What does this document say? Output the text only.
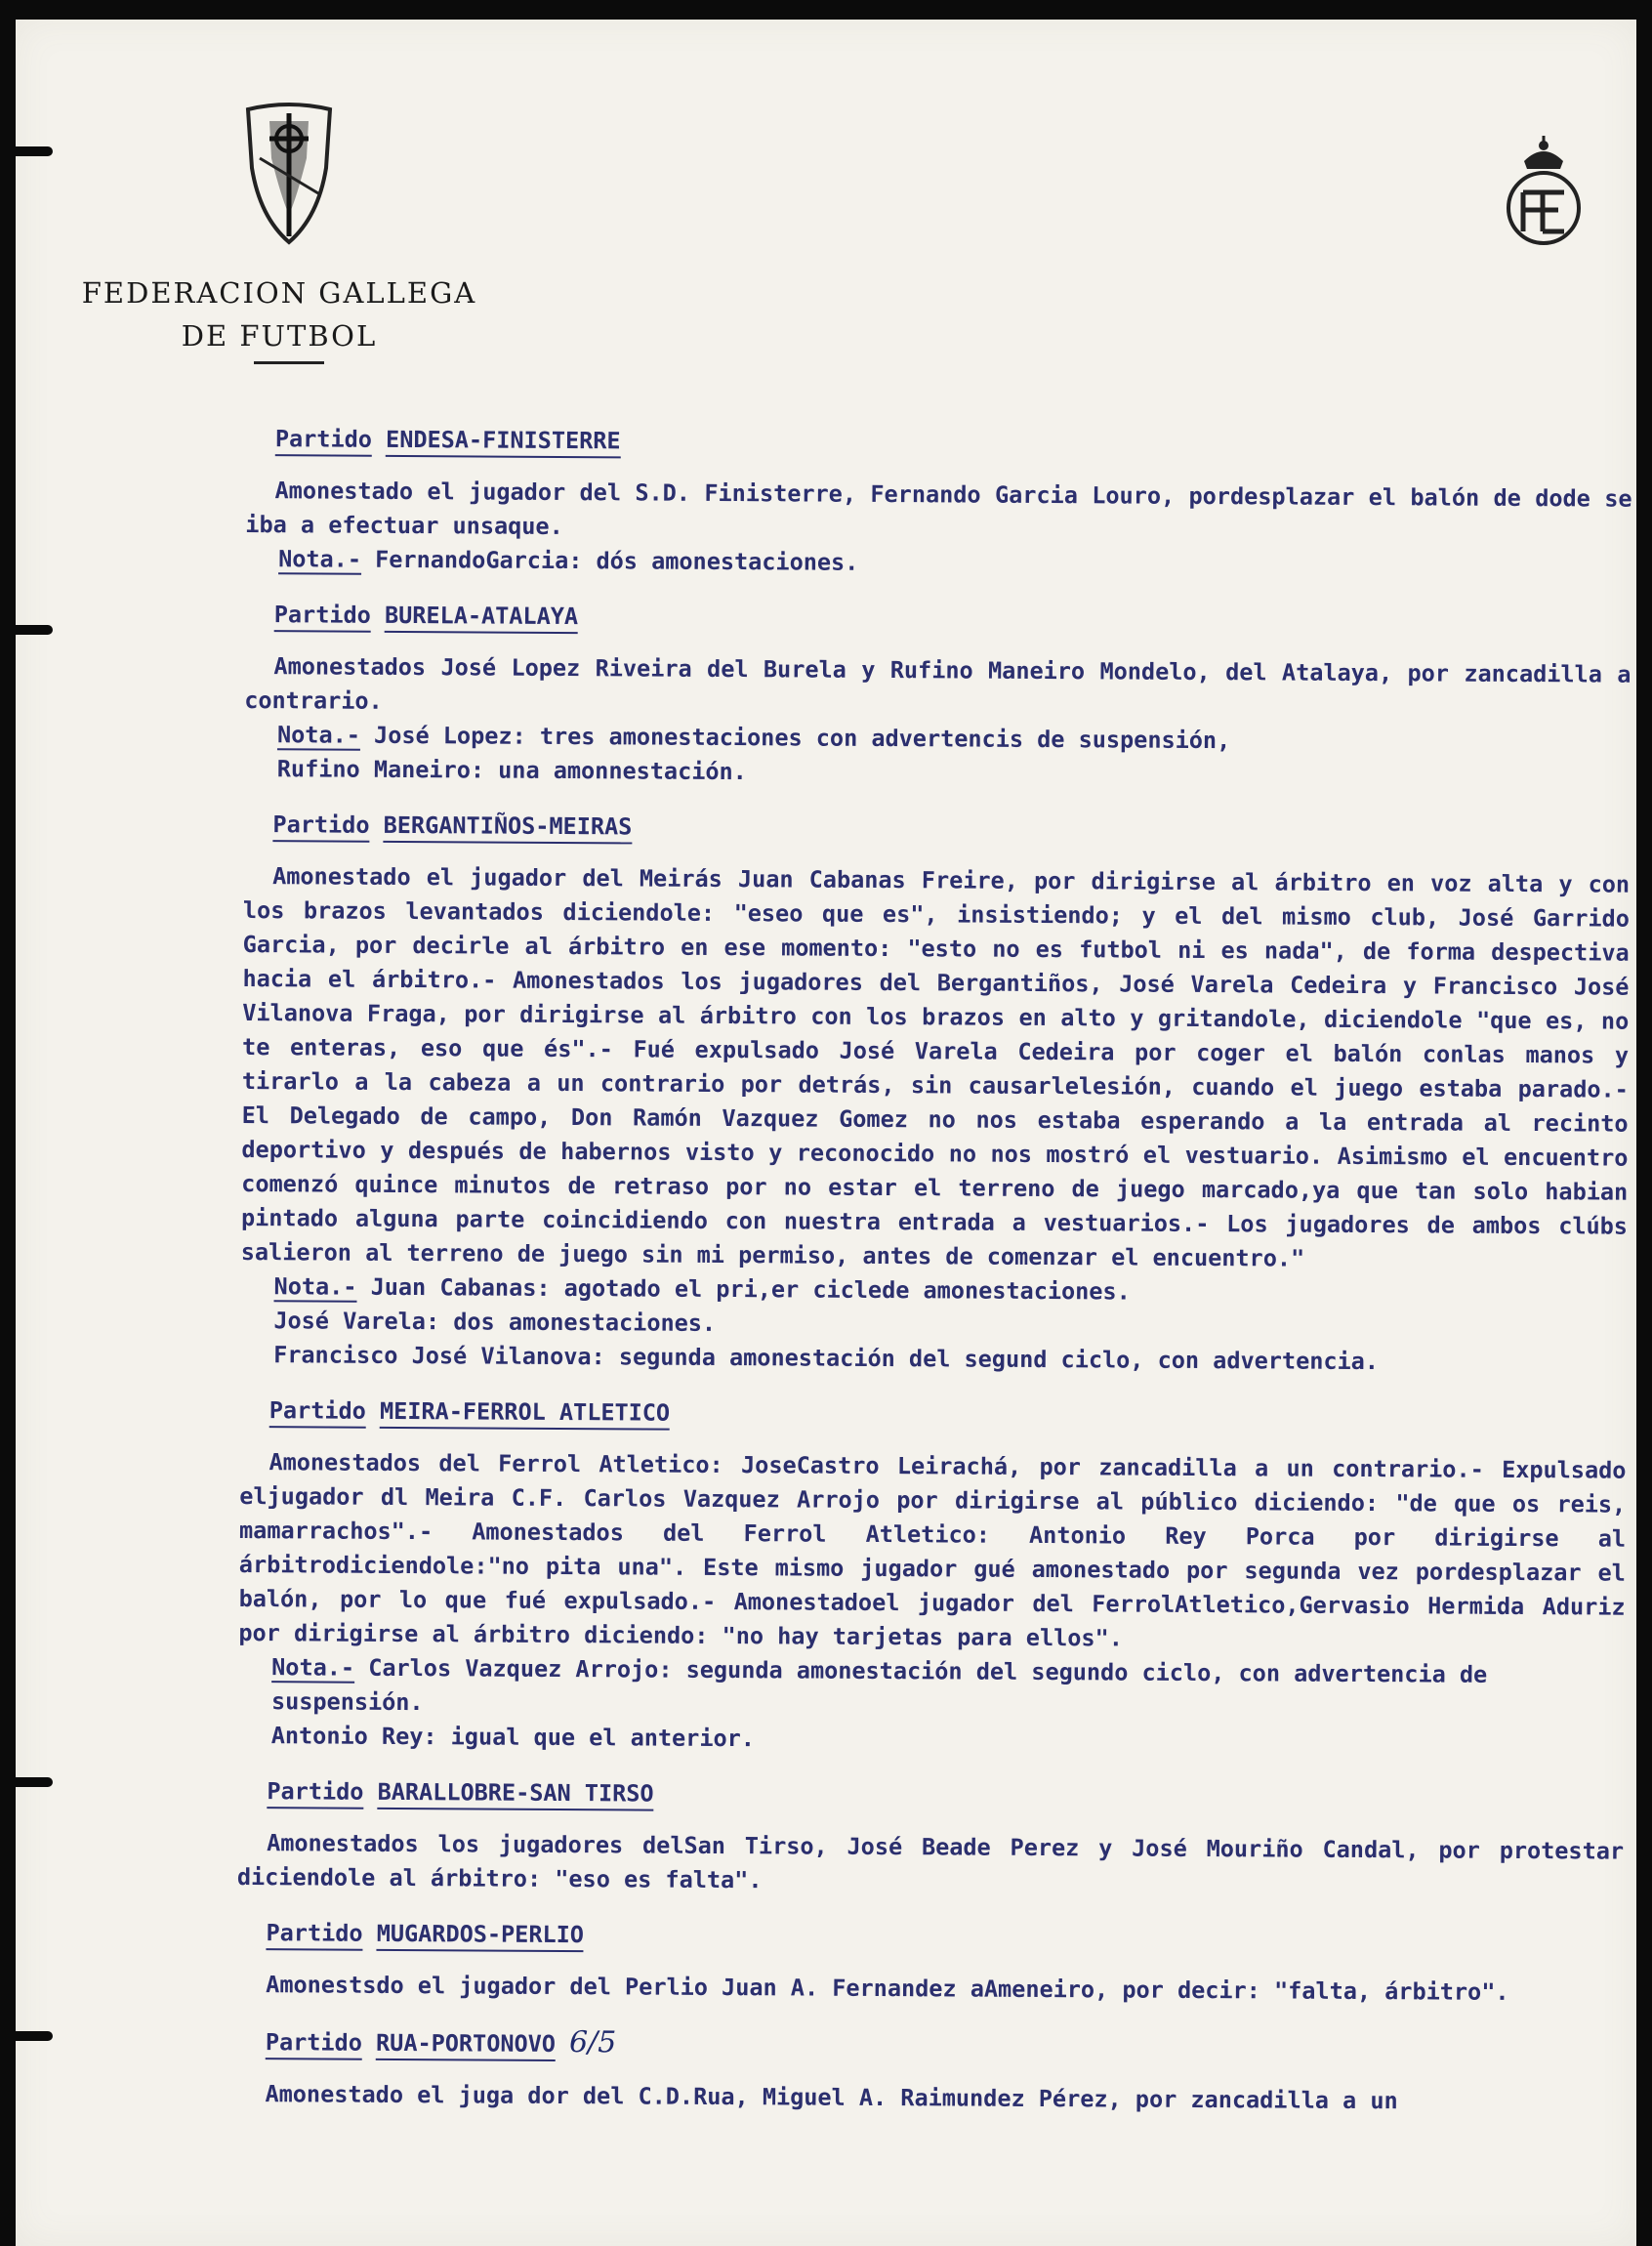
FEDERACION GALLEGA
DE FUTBOL
Partido ENDESA-FINISTERRE
Amonestado el jugador del S.D. Finisterre, Fernando Garcia Louro, pordesplazar el balón de dode se iba a efectuar unsaque.
Nota.- FernandoGarcia: dós amonestaciones.
Partido BURELA-ATALAYA
Amonestados José Lopez Riveira del Burela y Rufino Maneiro Mondelo, del Atalaya, por zancadilla a contrario.
Nota.- José Lopez: tres amonestaciones con advertencis de suspensión,
Rufino Maneiro: una amonnestación.
Partido BERGANTIÑOS-MEIRAS
Amonestado el jugador del Meirás Juan Cabanas Freire, por dirigirse al árbitro en voz alta y con los brazos levantados diciendole: "eseo que es", insistiendo; y el del mismo club, José Garrido Garcia, por decirle al árbitro en ese momento: "esto no es futbol ni es nada", de forma despectiva hacia el árbitro.- Amonestados los jugadores del Bergantiños, José Varela Cedeira y Francisco José Vilanova Fraga, por dirigirse al árbitro con los brazos en alto y gritandole, diciendole "que es, no te enteras, eso que és".- Fué expulsado José Varela Cedeira por coger el balón conlas manos y tirarlo a la cabeza a un contrario por detrás, sin causarlelesión, cuando el juego estaba parado.- El Delegado de campo, Don Ramón Vazquez Gomez no nos estaba esperando a la entrada al recinto deportivo y después de habernos visto y reconocido no nos mostró el vestuario. Asimismo el encuentro comenzó quince minutos de retraso por no estar el terreno de juego marcado,ya que tan solo habian pintado alguna parte coincidiendo con nuestra entrada a vestuarios.- Los jugadores de ambos clúbs salieron al terreno de juego sin mi permiso, antes de comenzar el encuentro."
Nota.- Juan Cabanas: agotado el pri,er ciclede amonestaciones.
José Varela: dos amonestaciones.
Francisco José Vilanova: segunda amonestación del segund ciclo, con advertencia.
Partido MEIRA-FERROL ATLETICO
Amonestados del Ferrol Atletico: JoseCastro Leirachá, por zancadilla a un contrario.- Expulsado eljugador dl Meira C.F. Carlos Vazquez Arrojo por dirigirse al público diciendo: "de que os reis, mamarrachos".- Amonestados del Ferrol Atletico: Antonio Rey Porca por dirigirse al árbitrodiciendole:"no pita una". Este mismo jugador gué amonestado por segunda vez pordesplazar el balón, por lo que fué expulsado.- Amonestadoel jugador del FerrolAtletico,Gervasio Hermida Aduriz por dirigirse al árbitro diciendo: "no hay tarjetas para ellos".
Nota.- Carlos Vazquez Arrojo: segunda amonestación del segundo ciclo, con advertencia de suspensión.
Antonio Rey: igual que el anterior.
Partido BARALLOBRE-SAN TIRSO
Amonestados los jugadores delSan Tirso, José Beade Perez y José Mouriño Candal, por protestar diciendole al árbitro: "eso es falta".
Partido MUGARDOS-PERLIO
Amonestsdo el jugador del Perlio Juan A. Fernandez aAmeneiro, por decir: "falta, árbitro".
Partido RUA-PORTONOVO 6/5
Amonestado el juga dor del C.D.Rua, Miguel A. Raimundez Pérez, por zancadilla a un
